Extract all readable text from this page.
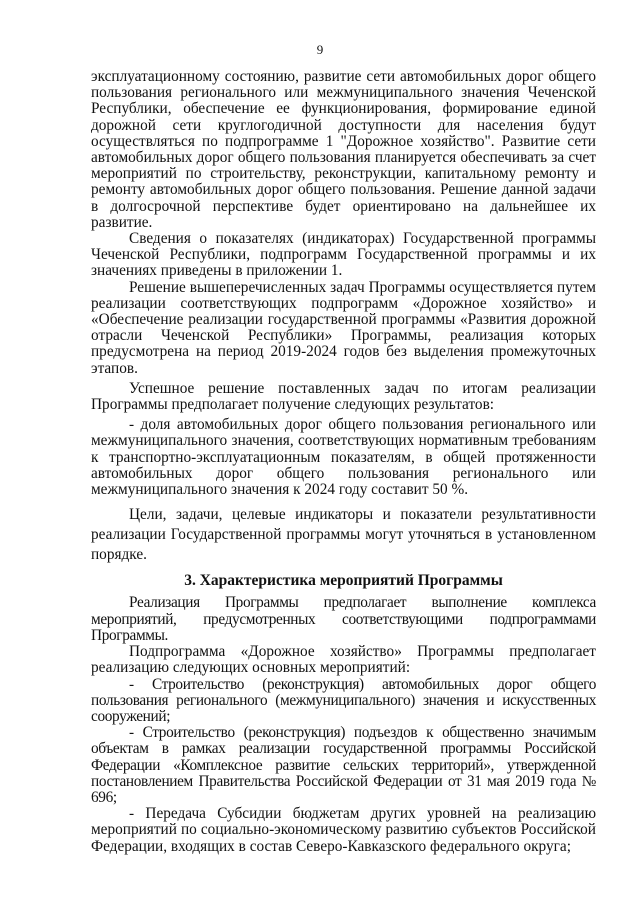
9

эксплуатационному состоянию, развитие сети автомобильных дорог общего пользования регионального или межмуниципального значения Чеченской Республики, обеспечение ее функционирования, формирование единой дорожной сети круглогодичной доступности для населения будут осуществляться по подпрограмме 1 "Дорожное хозяйство". Развитие сети автомобильных дорог общего пользования планируется обеспечивать за счет мероприятий по строительству, реконструкции, капитальному ремонту и ремонту автомобильных дорог общего пользования. Решение данной задачи в долгосрочной перспективе будет ориентировано на дальнейшее их развитие.

Сведения о показателях (индикаторах) Государственной программы Чеченской Республики, подпрограмм Государственной программы и их значениях приведены в приложении 1.

Решение вышеперечисленных задач Программы осуществляется путем реализации соответствующих подпрограмм «Дорожное хозяйство» и «Обеспечение реализации государственной программы «Развития дорожной отрасли Чеченской Республики» Программы, реализация которых предусмотрена на период 2019-2024 годов без выделения промежуточных этапов.

Успешное решение поставленных задач по итогам реализации Программы предполагает получение следующих результатов:

- доля автомобильных дорог общего пользования регионального или межмуниципального значения, соответствующих нормативным требованиям к транспортно-эксплуатационным показателям, в общей протяженности автомобильных дорог общего пользования регионального или межмуниципального значения к 2024 году составит 50 %.

Цели, задачи, целевые индикаторы и показатели результативности реализации Государственной программы могут уточняться в установленном порядке.

3. Характеристика мероприятий Программы

Реализация Программы предполагает выполнение комплекса мероприятий, предусмотренных соответствующими подпрограммами Программы.

Подпрограмма «Дорожное хозяйство» Программы предполагает реализацию следующих основных мероприятий:

- Строительство (реконструкция) автомобильных дорог общего пользования регионального (межмуниципального) значения и искусственных сооружений;

- Строительство (реконструкция) подъездов к общественно значимым объектам в рамках реализации государственной программы Российской Федерации «Комплексное развитие сельских территорий», утвержденной постановлением Правительства Российской Федерации от 31 мая 2019 года № 696;

- Передача Субсидии бюджетам других уровней на реализацию мероприятий по социально-экономическому развитию субъектов Российской Федерации, входящих в состав Северо-Кавказского федерального округа;
